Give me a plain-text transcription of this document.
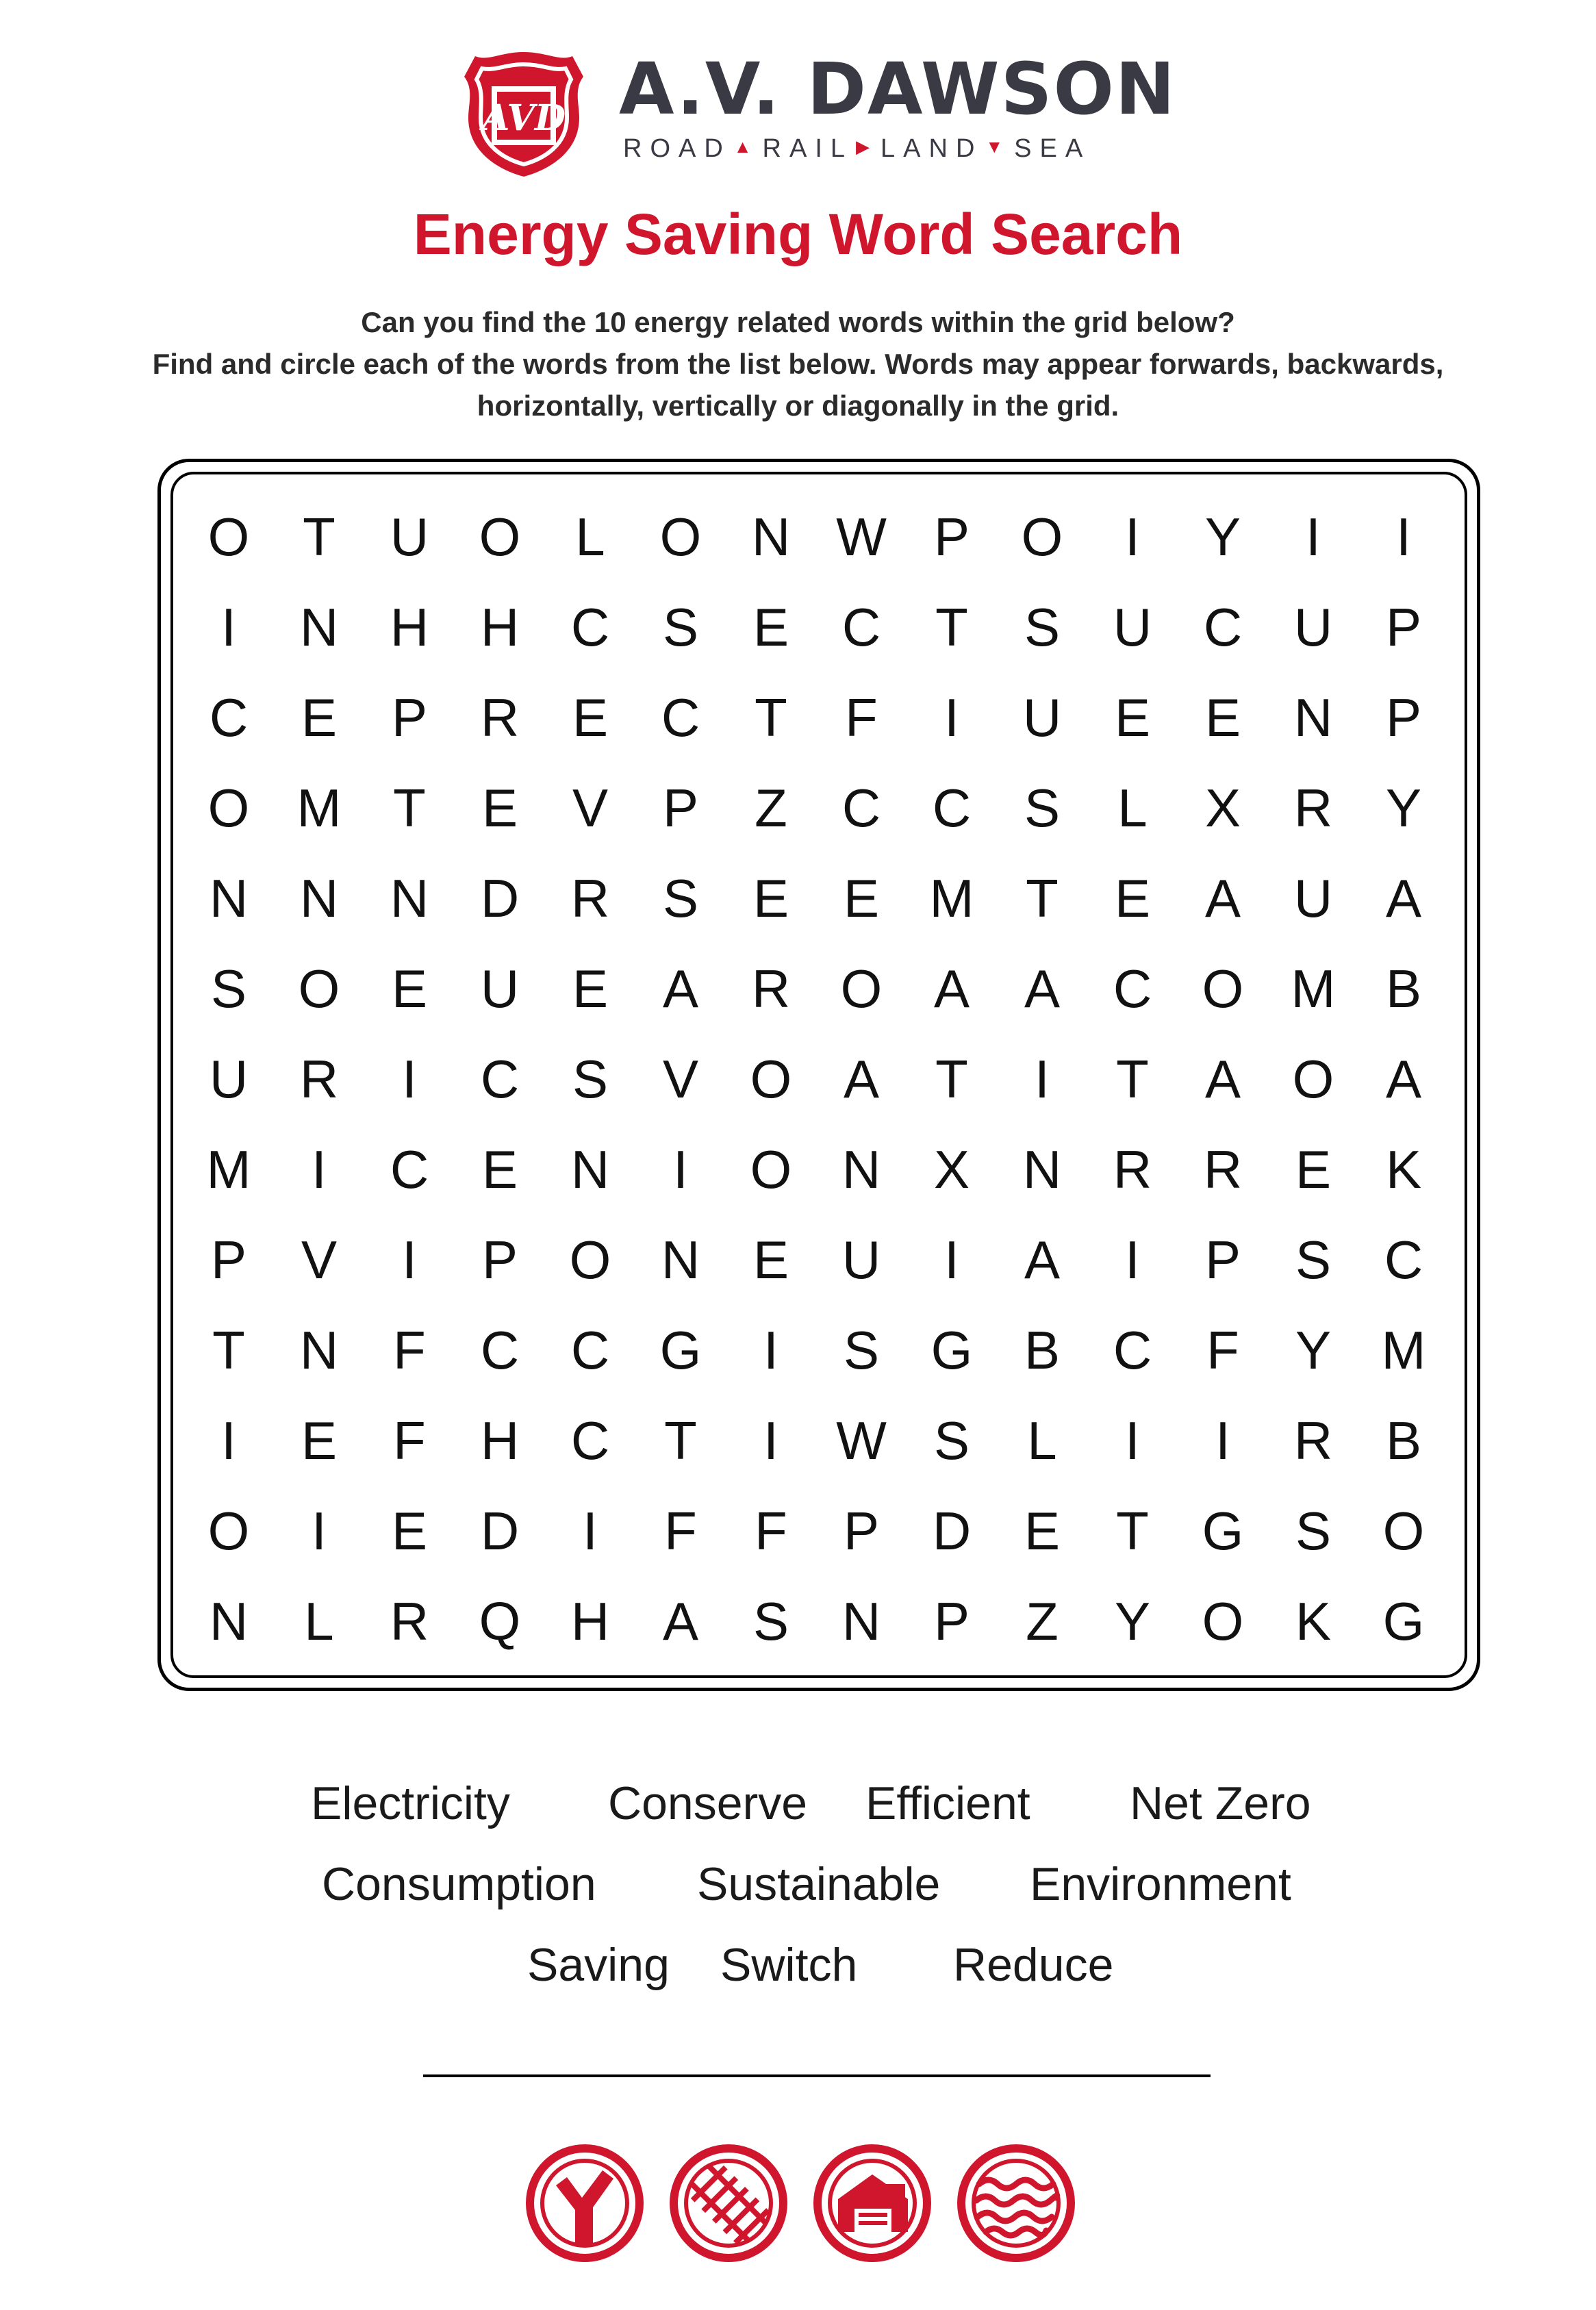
AVD A.V. DAWSON
ROAD ▲ RAIL ▶ LAND ▼ SEA
Energy Saving Word Search
Can you find the 10 energy related words within the grid below?
Find and circle each of the words from the list below. Words may appear forwards, backwards,
horizontally, vertically or diagonally in the grid.
O T	U O	L	O N W P O	I	Y	I	I
I	N H H C S	E C	T	S U C U P
C E	P R E C	T	F	I	U E	E N P
O M T	E	V	P	Z	C C S	L	X R Y
N N N D R S	E	E M T	E	A U A
S O E U E	A R O A	A C O M B
U R	I	C S	V O A	T	I	T	A O A
M	I	C E N	I	O N X N R R E	K
P	V	I	P O N E U	I	A	I	P	S C
T	N	F	C C G	I	S G B C	F	Y M
I	E	F	H C	T	I	W S	L	I	I	R B
O	I	E D	I	F	F	P D E	T G S O
N	L	R Q H A	S N P	Z	Y O K G
Electricity Conserve Efficient Net Zero
Consumption Sustainable Environment
Saving Switch Reduce
